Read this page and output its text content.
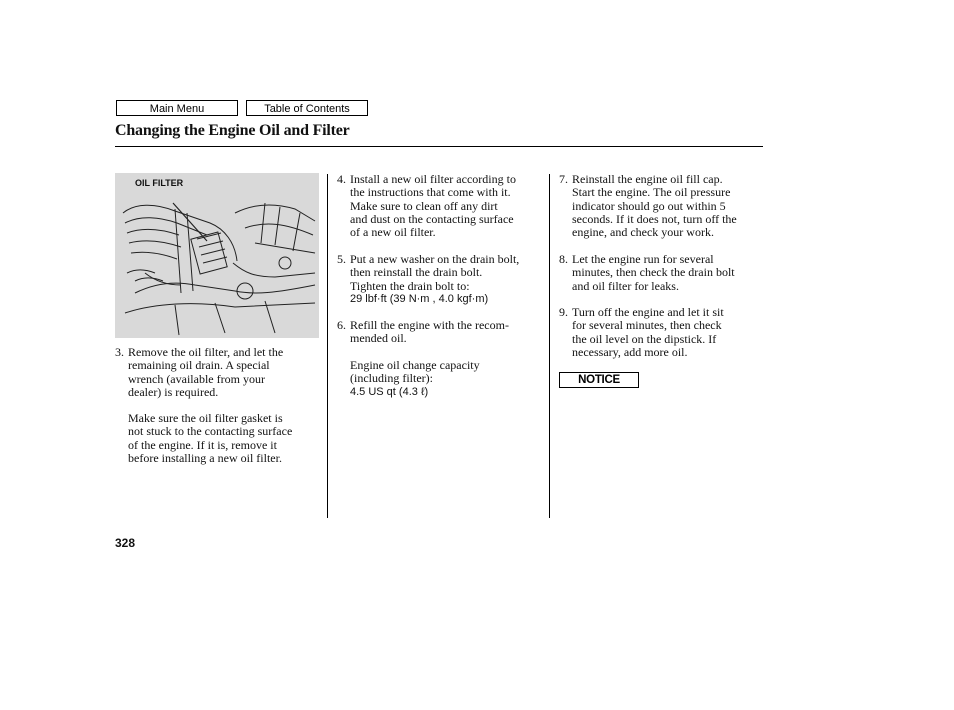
Main Menu	Table of Contents
Changing the Engine Oil and Filter
OIL FILTER
3. Remove the oil filter, and let the
remaining oil drain. A special
wrench (available from your
dealer) is required.
Make sure the oil filter gasket is
not stuck to the contacting surface
of the engine. If it is, remove it
before installing a new oil filter.
4. Install a new oil filter according to
the instructions that come with it.
Make sure to clean off any dirt
and dust on the contacting surface
of a new oil filter.
5. Put a new washer on the drain bolt,
then reinstall the drain bolt.
Tighten the drain bolt to:
29 lbf·ft (39 N·m , 4.0 kgf·m)
6. Refill the engine with the recom-
mended oil.
Engine oil change capacity
(including filter):
4.5 US qt (4.3 ℓ)
7. Reinstall the engine oil fill cap.
Start the engine. The oil pressure
indicator should go out within 5
seconds. If it does not, turn off the
engine, and check your work.
8. Let the engine run for several
minutes, then check the drain bolt
and oil filter for leaks.
9. Turn off the engine and let it sit
for several minutes, then check
the oil level on the dipstick. If
necessary, add more oil.
NOTICE
328
